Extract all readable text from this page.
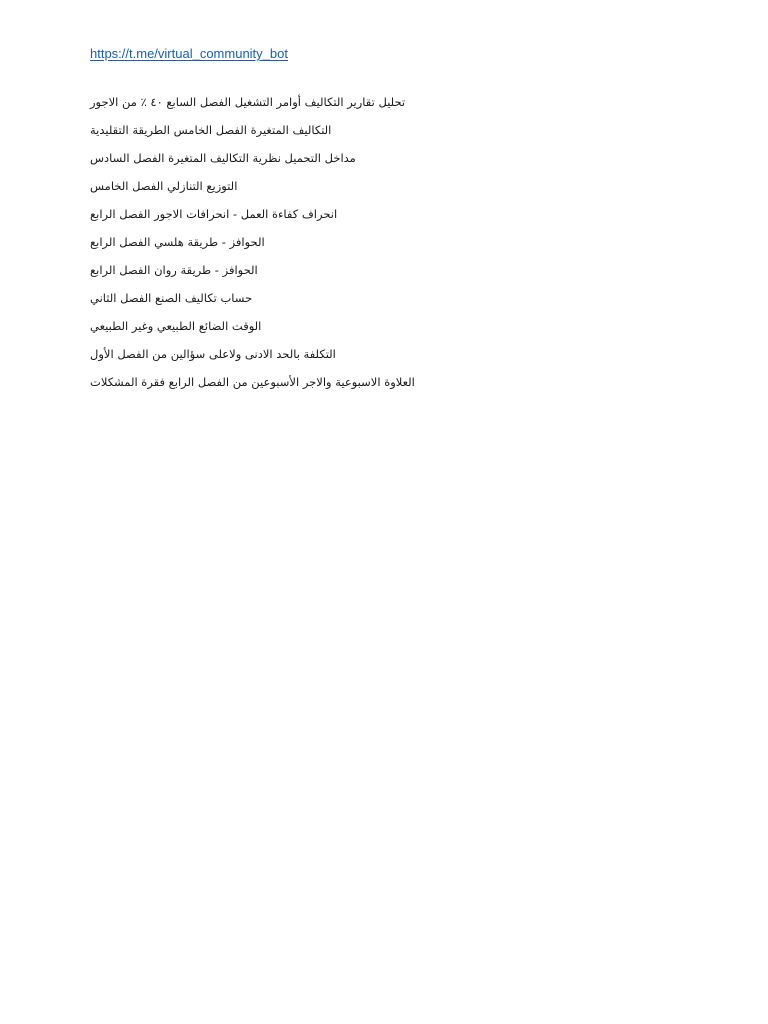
https://t.me/virtual_community_bot
تحليل تقارير التكاليف أوامر التشغيل الفصل السابع ٤٠ ٪ من الاجور
التكاليف المتغيرة الفصل الخامس الطريقة التقليدية
مداخل التحميل نظرية التكاليف المتغيرة الفصل السادس
التوزيع التنازلي الفصل الخامس
انحراف كفاءة العمل - انحرافات الاجور الفصل الرابع
الحوافز - طريقة هلسي الفصل الرابع
الحوافز - طريقة روان الفصل الرابع
حساب تكاليف الصنع الفصل الثاني
الوقت الضائع الطبيعي وغير الطبيعي
التكلفة بالحد الادنى ولاعلى سؤالين من الفصل الأول
العلاوة الاسبوعية والاجر الأسبوعين من الفصل الرابع فقرة المشكلات
